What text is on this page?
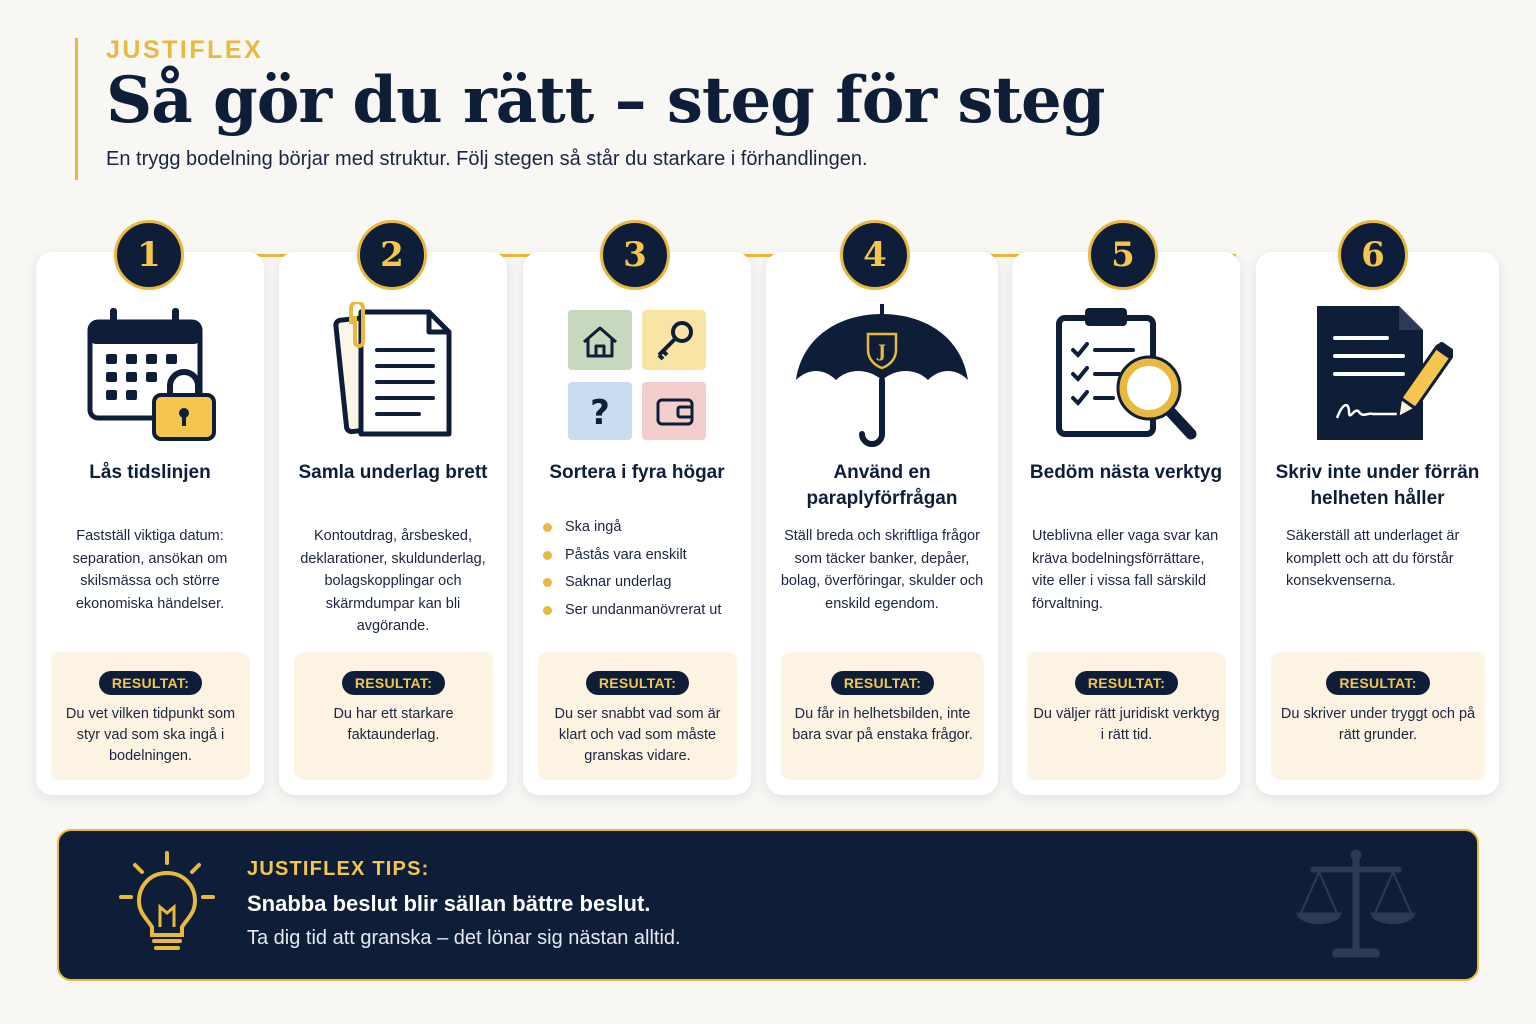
JUSTIFLEX
Så gör du rätt – steg för steg
En trygg bodelning börjar med struktur. Följ stegen så står du starkare i förhandlingen.
Lås tidslinjen
Fastställ viktiga datum: separation, ansökan om skilsmässa och större ekonomiska händelser.
RESULTAT:
Du vet vilken tidpunkt som styr vad som ska ingå i bodelningen.
Samla underlag brett
Kontoutdrag, årsbesked, deklarationer, skuldunderlag, bolagskopplingar och skärmdumpar kan bli avgörande.
RESULTAT:
Du har ett starkare faktaunderlag.
?
Sortera i fyra högar
Ska ingå
Påstås vara enskilt
Saknar underlag
Ser undanmanövrerat ut
RESULTAT:
Du ser snabbt vad som är klart och vad som måste granskas vidare.
J
Använd en paraplyförfrågan
Ställ breda och skriftliga frågor som täcker banker, depåer, bolag, överföringar, skulder och enskild egendom.
RESULTAT:
Du får in helhetsbilden, inte bara svar på enstaka frågor.
Bedöm nästa verktyg
Uteblivna eller vaga svar kan kräva bodelningsförrättare, vite eller i vissa fall särskild förvaltning.
RESULTAT:
Du väljer rätt juridiskt verktyg i rätt tid.
Skriv inte under förrän helheten håller
Säkerställ att underlaget är komplett och att du förstår konsekvenserna.
RESULTAT:
Du skriver under tryggt och på rätt grunder.
1	2	3	4	5	6
JUSTIFLEX TIPS:
Snabba beslut blir sällan bättre beslut.
Ta dig tid att granska – det lönar sig nästan alltid.
